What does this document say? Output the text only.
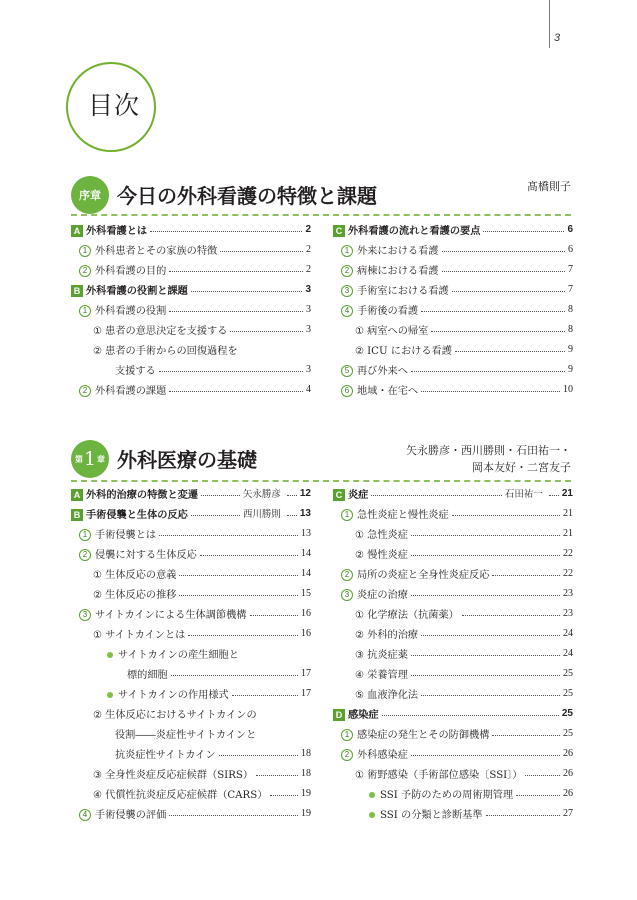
3
目次
序章 今日の外科看護の特徴と課題	髙橋則子
A 外科看護とは	2
1 外科患者とその家族の特徴	2
2 外科看護の目的	2
B 外科看護の役割と課題	3
1 外科看護の役割	3
① 患者の意思決定を支援する	3
② 患者の手術からの回復過程を
支援する	3
2 外科看護の課題	4
C 外科看護の流れと看護の要点	6
1 外来における看護	6
2 病棟における看護	7
3 手術室における看護	7
4 手術後の看護	8
① 病室への帰室	8
② ICU における看護	9
5 再び外来へ	9
6 地域・在宅へ	10
第 1 章 外科医療の基礎	矢永勝彦・西川勝則・石田祐一・
岡本友好・二宮友子
A 外科的治療の特徴と変遷	矢永勝彦 12
B 手術侵襲と生体の反応	西川勝則 13
1 手術侵襲とは	13
2 侵襲に対する生体反応	14
① 生体反応の意義	14
② 生体反応の推移	15
3 サイトカインによる生体調節機構	16
① サイトカインとは	16
サイトカインの産生細胞と
標的細胞	17
サイトカインの作用様式	17
② 生体反応におけるサイトカインの
役割――炎症性サイトカインと
抗炎症性サイトカイン	18
③ 全身性炎症反応症候群（SIRS）	18
④ 代償性抗炎症反応症候群（CARS）	19
4 手術侵襲の評価	19
C 炎症	石田祐一 21
1 急性炎症と慢性炎症	21
① 急性炎症	21
② 慢性炎症	22
2 局所の炎症と全身性炎症反応	22
3 炎症の治療	23
① 化学療法（抗菌薬）	23
② 外科的治療	24
③ 抗炎症薬	24
④ 栄養管理	25
⑤ 血液浄化法	25
D 感染症	25
1 感染症の発生とその防御機構	25
2 外科感染症	26
① 術野感染（手術部位感染〔SSI〕）	26
SSI 予防のための周術期管理	26
SSI の分類と診断基準	27
